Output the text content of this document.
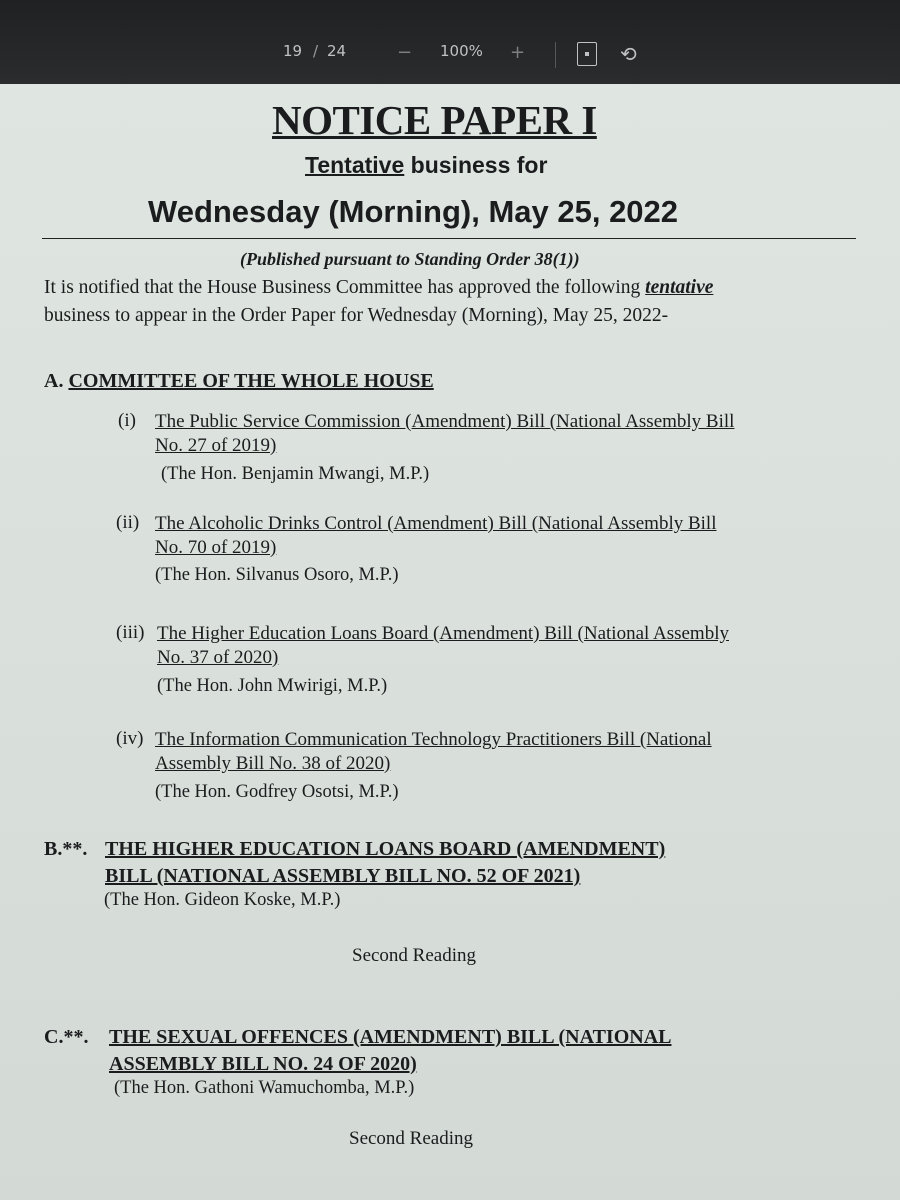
19 / 24	− 100% +	⟲
NOTICE PAPER I
Tentative business for
Wednesday (Morning), May 25, 2022
(Published pursuant to Standing Order 38(1))
It is notified that the House Business Committee has approved the following tentative
business to appear in the Order Paper for Wednesday (Morning), May 25, 2022-
A. COMMITTEE OF THE WHOLE HOUSE
(i) The Public Service Commission (Amendment) Bill (National Assembly Bill
No. 27 of 2019)
(The Hon. Benjamin Mwangi, M.P.)
(ii) The Alcoholic Drinks Control (Amendment) Bill (National Assembly Bill
No. 70 of 2019)
(The Hon. Silvanus Osoro, M.P.)
(iii) The Higher Education Loans Board (Amendment) Bill (National Assembly
No. 37 of 2020)
(The Hon. John Mwirigi, M.P.)
(iv) The Information Communication Technology Practitioners Bill (National
Assembly Bill No. 38 of 2020)
(The Hon. Godfrey Osotsi, M.P.)
B.**. THE HIGHER EDUCATION LOANS BOARD (AMENDMENT)
BILL (NATIONAL ASSEMBLY BILL NO. 52 OF 2021)
(The Hon. Gideon Koske, M.P.)
Second Reading
C.**. THE SEXUAL OFFENCES (AMENDMENT) BILL (NATIONAL
ASSEMBLY BILL NO. 24 OF 2020)
(The Hon. Gathoni Wamuchomba, M.P.)
Second Reading
